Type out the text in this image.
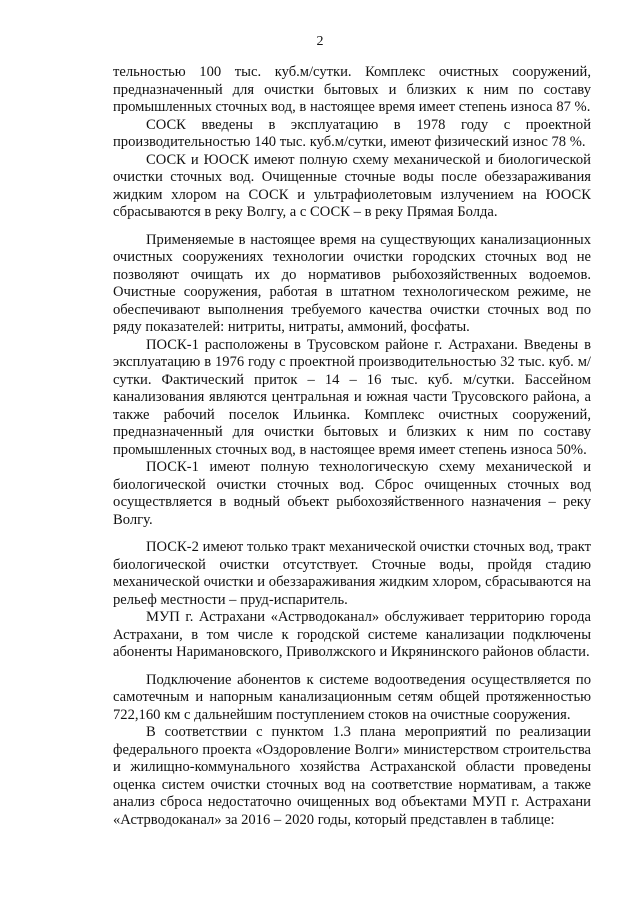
2

тельностью 100 тыс. куб.м/сутки. Комплекс очистных сооружений, предназначенный для очистки бытовых и близких к ним по составу промышленных сточных вод, в настоящее время имеет степень износа 87 %.

СОСК введены в эксплуатацию в 1978 году с проектной производительностью 140 тыс. куб.м/сутки, имеют физический износ 78 %.

СОСК и ЮОСК имеют полную схему механической и биологической очистки сточных вод. Очищенные сточные воды после обеззараживания жидким хлором на СОСК и ультрафиолетовым излучением на ЮОСК сбрасываются в реку Волгу, а с СОСК – в реку Прямая Болда.

Применяемые в настоящее время на существующих канализационных очистных сооружениях технологии очистки городских сточных вод не позволяют очищать их до нормативов рыбохозяйственных водоемов. Очистные сооружения, работая в штатном технологическом режиме, не обеспечивают выполнения требуемого качества очистки сточных вод по ряду показателей: нитриты, нитраты, аммоний, фосфаты.

ПОСК-1 расположены в Трусовском районе г. Астрахани. Введены в эксплуатацию в 1976 году с проектной производительностью 32 тыс. куб. м/сутки. Фактический приток – 14 – 16 тыс. куб. м/сутки. Бассейном канализования являются центральная и южная части Трусовского района, а также рабочий поселок Ильинка. Комплекс очистных сооружений, предназначенный для очистки бытовых и близких к ним по составу промышленных сточных вод, в настоящее время имеет степень износа 50%.

ПОСК-1 имеют полную технологическую схему механической и биологической очистки сточных вод. Сброс очищенных сточных вод осуществляется в водный объект рыбохозяйственного назначения – реку Волгу.

ПОСК-2 имеют только тракт механической очистки сточных вод, тракт биологической очистки отсутствует. Сточные воды, пройдя стадию механической очистки и обеззараживания жидким хлором, сбрасываются на рельеф местности – пруд-испаритель.

МУП г. Астрахани «Астрводоканал» обслуживает территорию города Астрахани, в том числе к городской системе канализации подключены абоненты Наримановского, Приволжского и Икрянинского районов области.

Подключение абонентов к системе водоотведения осуществляется по самотечным и напорным канализационным сетям общей протяженностью 722,160 км с дальнейшим поступлением стоков на очистные сооружения.

В соответствии с пунктом 1.3 плана мероприятий по реализации федерального проекта «Оздоровление Волги» министерством строительства и жилищно-коммунального хозяйства Астраханской области проведены оценка систем очистки сточных вод на соответствие нормативам, а также анализ сброса недостаточно очищенных вод объектами МУП г. Астрахани «Астрводоканал» за 2016 – 2020 годы, который представлен в таблице:
